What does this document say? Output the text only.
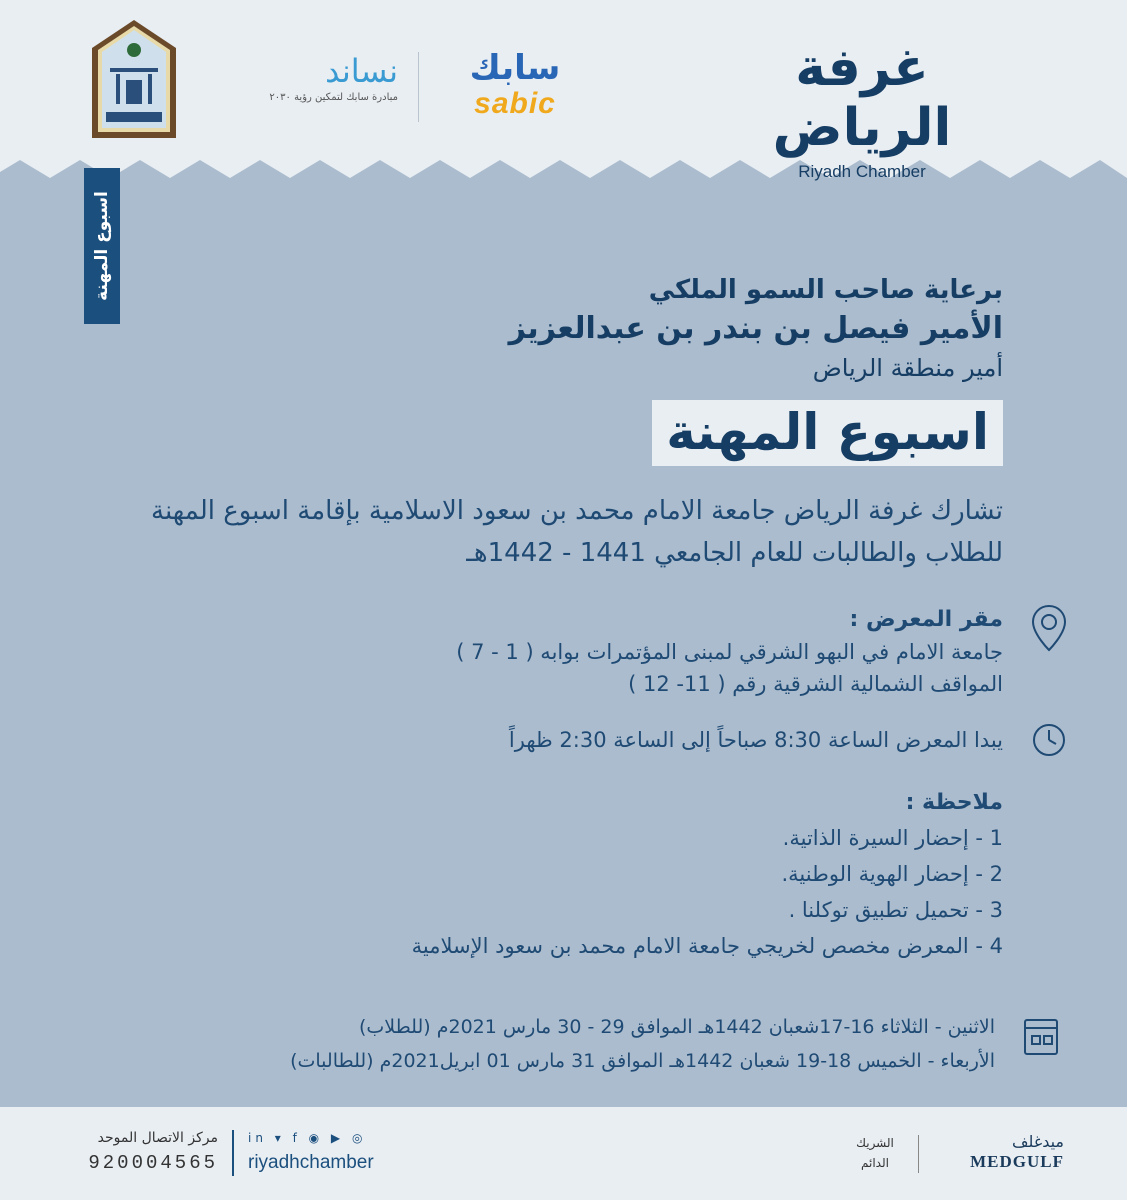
غرفة الرياض
Riyadh Chamber
سابك
sabic
نساند
مبادرة سابك لتمكين رؤية ٢٠٣٠
اسبوع المهنة	برعاية صاحب السمو الملكي
الأمير فيصل بن بندر بن عبدالعزيز
أمير منطقة الرياض
اسبوع المهنة
تشارك غرفة الرياض جامعة الامام محمد بن سعود الاسلامية بإقامة اسبوع المهنة
للطلاب والطالبات للعام الجامعي 1441 - 1442هـ
مقر المعرض :
جامعة الامام في البهو الشرقي لمبنى المؤتمرات بوابه ( 1 - 7 )
المواقف الشمالية الشرقية رقم ( 11- 12 )
يبدا المعرض الساعة 8:30 صباحاً إلى الساعة 2:30 ظهراً
ملاحظة :
1 - إحضار السيرة الذاتية.
2 - إحضار الهوية الوطنية.
3 - تحميل تطبيق توكلنا .
4 - المعرض مخصص لخريجي جامعة الامام محمد بن سعود الإسلامية
الاثنين - الثلاثاء 16-17شعبان 1442هـ الموافق 29 - 30 مارس 2021م (للطلاب)
الأربعاء - الخميس 18-19 شعبان 1442هـ الموافق 31 مارس 01 ابريل2021م (للطالبات)
مركز الاتصال الموحد
920004565
in ▾ f ◉ ▶ ◎
riyadhchamber
الشريك
الدائم
ميدغلف
MEDGULF
